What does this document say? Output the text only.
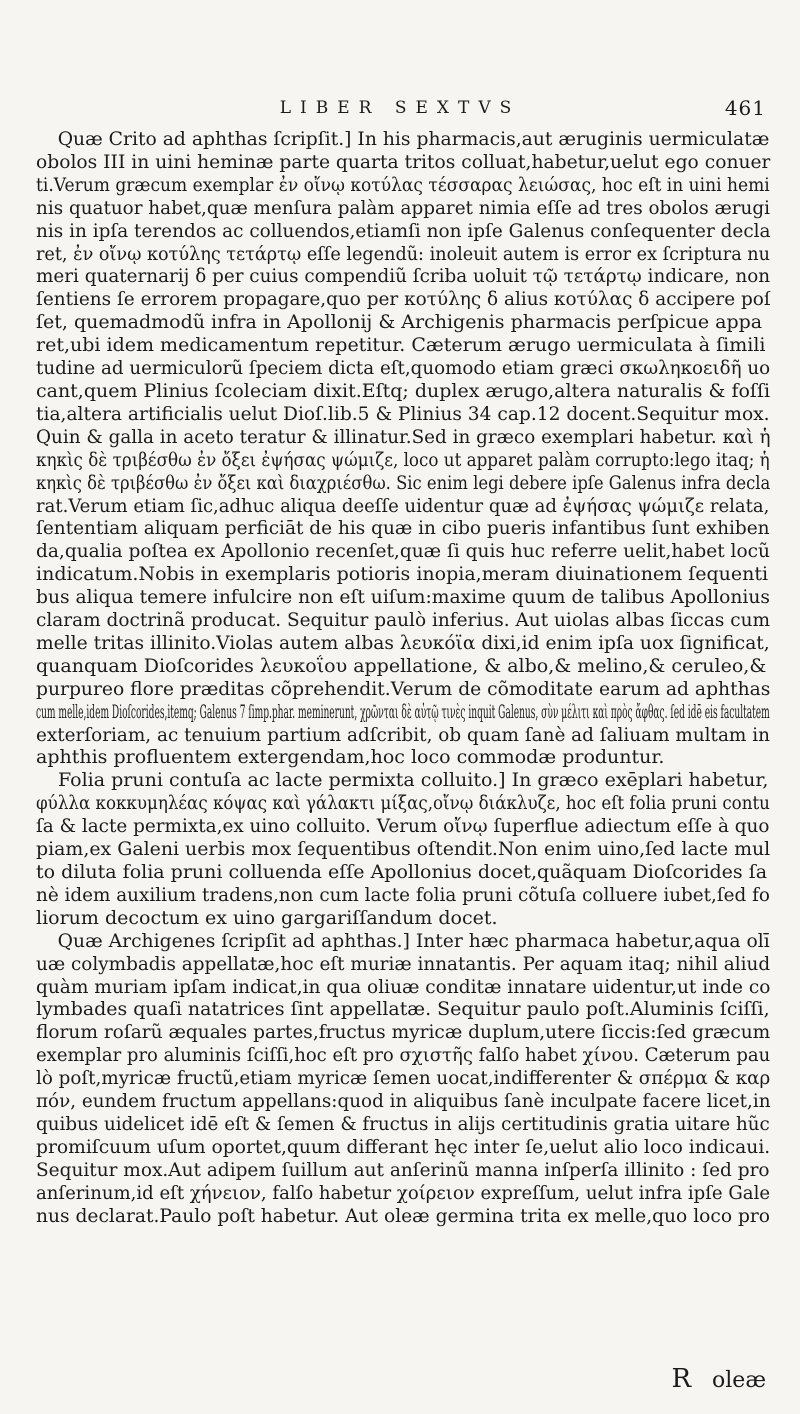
LIBER SEXTVS	461
Quæ Crito ad aphthas ſcripſit.] In his pharmacis,aut æruginis uermiculatæ
obolos III in uini heminæ parte quarta tritos colluat,habetur,uelut ego conuer
ti.Verum græcum exemplar ἐν οἴνῳ κοτύλας τέσσαρας λειώσας, hoc eſt in uini hemi
nis quatuor habet,quæ menſura palàm apparet nimia eſſe ad tres obolos ærugi
nis in ipſa terendos ac colluendos,etiamſi non ipſe Galenus conſequenter decla
ret, ἐν οἴνῳ κοτύλης τετάρτῳ eſſe legendũ: inoleuit autem is error ex ſcriptura nu
meri quaternarij δ per cuius compendiũ ſcriba uoluit τῷ τετάρτῳ indicare, non
ſentiens ſe errorem propagare,quo per κοτύλης δ alius κοτύλας δ accipere poſ
ſet, quemadmodũ infra in Apollonij & Archigenis pharmacis perſpicue appa
ret,ubi idem medicamentum repetitur. Cæterum ærugo uermiculata à ſimili
tudine ad uermiculorũ ſpeciem dicta eſt,quomodo etiam græci σκωληκοειδῆ uo
cant,quem Plinius ſcoleciam dixit.Eſtq; duplex ærugo,altera naturalis & foſſi
tia,altera artificialis uelut Dioſ.lib.5 & Plinius 34 cap.12 docent.Sequitur mox.
Quin & galla in aceto teratur & illinatur.Sed in græco exemplari habetur. καὶ ἡ
κηκὶς δὲ τριβέσθω ἐν ὄξει ἐψήσας ψώμιζε, loco ut apparet palàm corrupto:lego itaq; ἡ
κηκὶς δὲ τριβέσθω ἐν ὄξει καὶ διαχριέσθω. Sic enim legi debere ipſe Galenus infra decla
rat.Verum etiam ſic,adhuc aliqua deeſſe uidentur quæ ad ἐψήσας ψώμιζε relata,
ſententiam aliquam perficiāt de his quæ in cibo pueris infantibus ſunt exhiben
da,qualia poſtea ex Apollonio recenſet,quæ ſi quis huc referre uelit,habet locũ
indicatum.Nobis in exemplaris potioris inopia,meram diuinationem ſequenti
bus aliqua temere infulcire non eſt uiſum:maxime quum de talibus Apollonius
claram doctrinã producat. Sequitur paulò inferius. Aut uiolas albas ſiccas cum
melle tritas illinito.Violas autem albas λευκόϊα dixi,id enim ipſa uox ſignificat,
quanquam Dioſcorides λευκοΐου appellatione, & albo,& melino,& ceruleo,&
purpureo flore præditas cõprehendit.Verum de cõmoditate earum ad aphthas
cum melle,idem Dioſcorides,itemq; Galenus 7 ſimp.phar. meminerunt, χρῶνται δὲ αὐτῷ τινὲς inquit Galenus, σὺν μέλιτι καὶ πρὸς ἄφθας. ſed idē eis facultatem
exterſoriam, ac tenuium partium adſcribit, ob quam ſanè ad ſaliuam multam in
aphthis profluentem extergendam,hoc loco commodæ produntur.
Folia pruni contuſa ac lacte permixta colluito.] In græco exēplari habetur,
φύλλα κοκκυμηλέας κόψας καὶ γάλακτι μίξας,οἴνῳ διάκλυζε, hoc eſt folia pruni contu
ſa & lacte permixta,ex uino colluito. Verum οἴνῳ ſuperflue adiectum eſſe à quo
piam,ex Galeni uerbis mox ſequentibus oſtendit.Non enim uino,ſed lacte mul
to diluta folia pruni colluenda eſſe Apollonius docet,quãquam Dioſcorides ſa
nè idem auxilium tradens,non cum lacte folia pruni cõtuſa colluere iubet,ſed fo
liorum decoctum ex uino gargariſſandum docet.
Quæ Archigenes ſcripſit ad aphthas.] Inter hæc pharmaca habetur,aqua olī
uæ colymbadis appellatæ,hoc eſt muriæ innatantis. Per aquam itaq; nihil aliud
quàm muriam ipſam indicat,in qua oliuæ conditæ innatare uidentur,ut inde co
lymbades quaſi natatrices ſint appellatæ. Sequitur paulo poſt.Aluminis ſciſſi,
florum roſarũ æquales partes,fructus myricæ duplum,utere ſiccis:ſed græcum
exemplar pro aluminis ſciſſi,hoc eſt pro σχιστῆς falſo habet χίνου. Cæterum pau
lò poſt,myricæ fructũ,etiam myricæ ſemen uocat,indifferenter & σπέρμα & καρ
πόν, eundem fructum appellans:quod in aliquibus ſanè inculpate facere licet,in
quibus uidelicet idē eſt & ſemen & fructus in alijs certitudinis gratia uitare hũc
promiſcuum uſum oportet,quum differant hęc inter ſe,uelut alio loco indicaui.
Sequitur mox.Aut adipem ſuillum aut anſerinũ manna inſperſa illinito : ſed pro
anſerinum,id eſt χήνειον, falſo habetur χοίρειον expreſſum, uelut infra ipſe Gale
nus declarat.Paulo poſt habetur. Aut oleæ germina trita ex melle,quo loco pro
R oleæ
